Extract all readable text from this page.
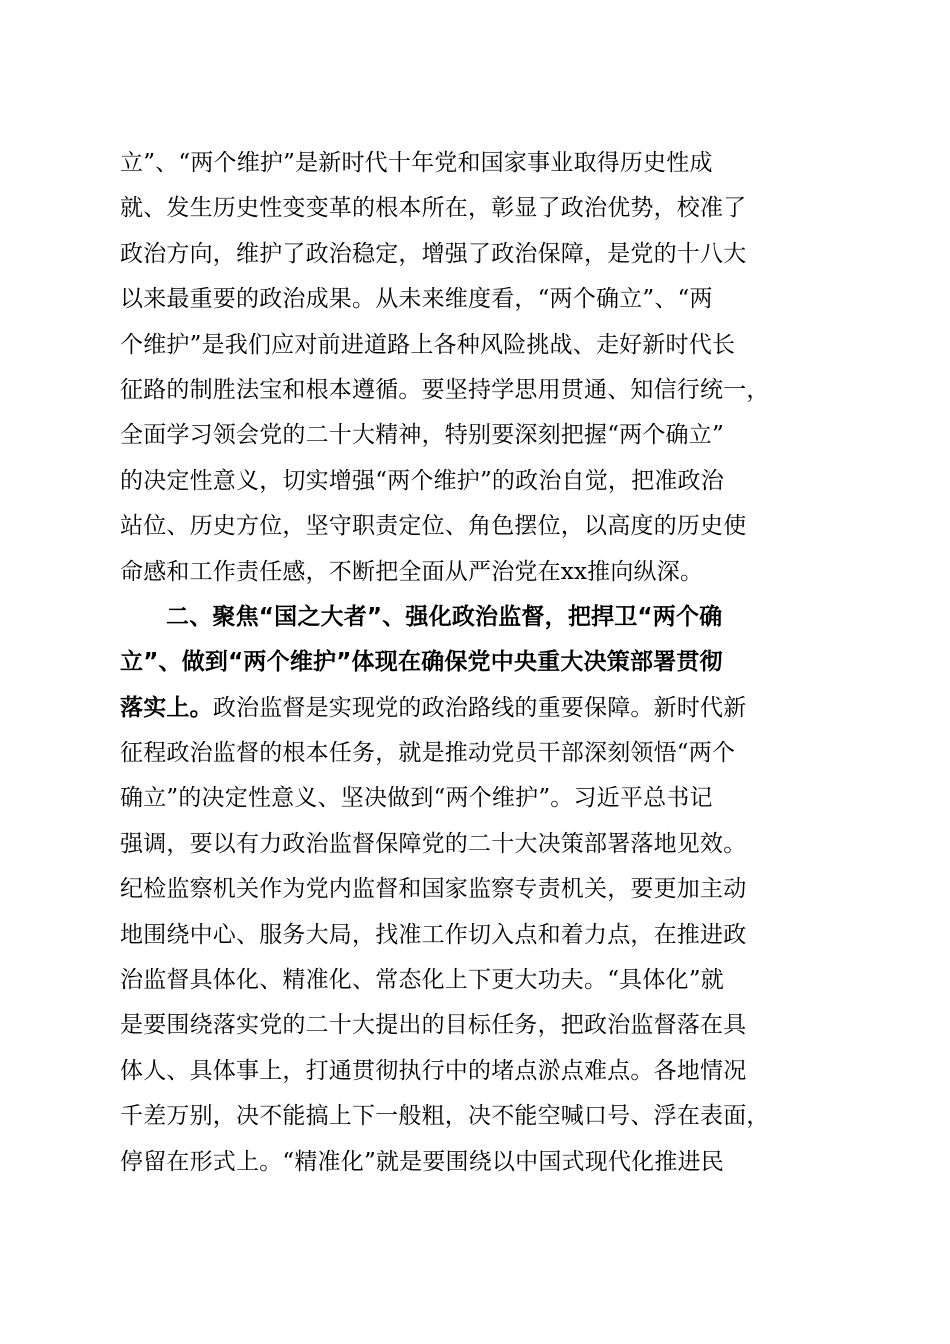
立”、“两个维护”是新时代十年党和国家事业取得历史性成
就、发生历史性变变革的根本所在，彰显了政治优势，校准了
政治方向，维护了政治稳定，增强了政治保障，是党的十八大
以来最重要的政治成果。从未来维度看，“两个确立”、“两
个维护”是我们应对前进道路上各种风险挑战、走好新时代长
征路的制胜法宝和根本遵循。要坚持学思用贯通、知信行统一，
全面学习领会党的二十大精神，特别要深刻把握“两个确立”
的决定性意义，切实增强“两个维护”的政治自觉，把准政治
站位、历史方位，坚守职责定位、角色摆位，以高度的历史使
命感和工作责任感，不断把全面从严治党在xx推向纵深。
二、聚焦“国之大者”、强化政治监督，把捍卫“两个确
立”、做到“两个维护”体现在确保党中央重大决策部署贯彻
落实上。政治监督是实现党的政治路线的重要保障。新时代新
征程政治监督的根本任务，就是推动党员干部深刻领悟“两个
确立”的决定性意义、坚决做到“两个维护”。习近平总书记
强调，要以有力政治监督保障党的二十大决策部署落地见效。
纪检监察机关作为党内监督和国家监察专责机关，要更加主动
地围绕中心、服务大局，找准工作切入点和着力点，在推进政
治监督具体化、精准化、常态化上下更大功夫。“具体化”就
是要围绕落实党的二十大提出的目标任务，把政治监督落在具
体人、具体事上，打通贯彻执行中的堵点淤点难点。各地情况
千差万别，决不能搞上下一般粗，决不能空喊口号、浮在表面，
停留在形式上。“精准化”就是要围绕以中国式现代化推进民
